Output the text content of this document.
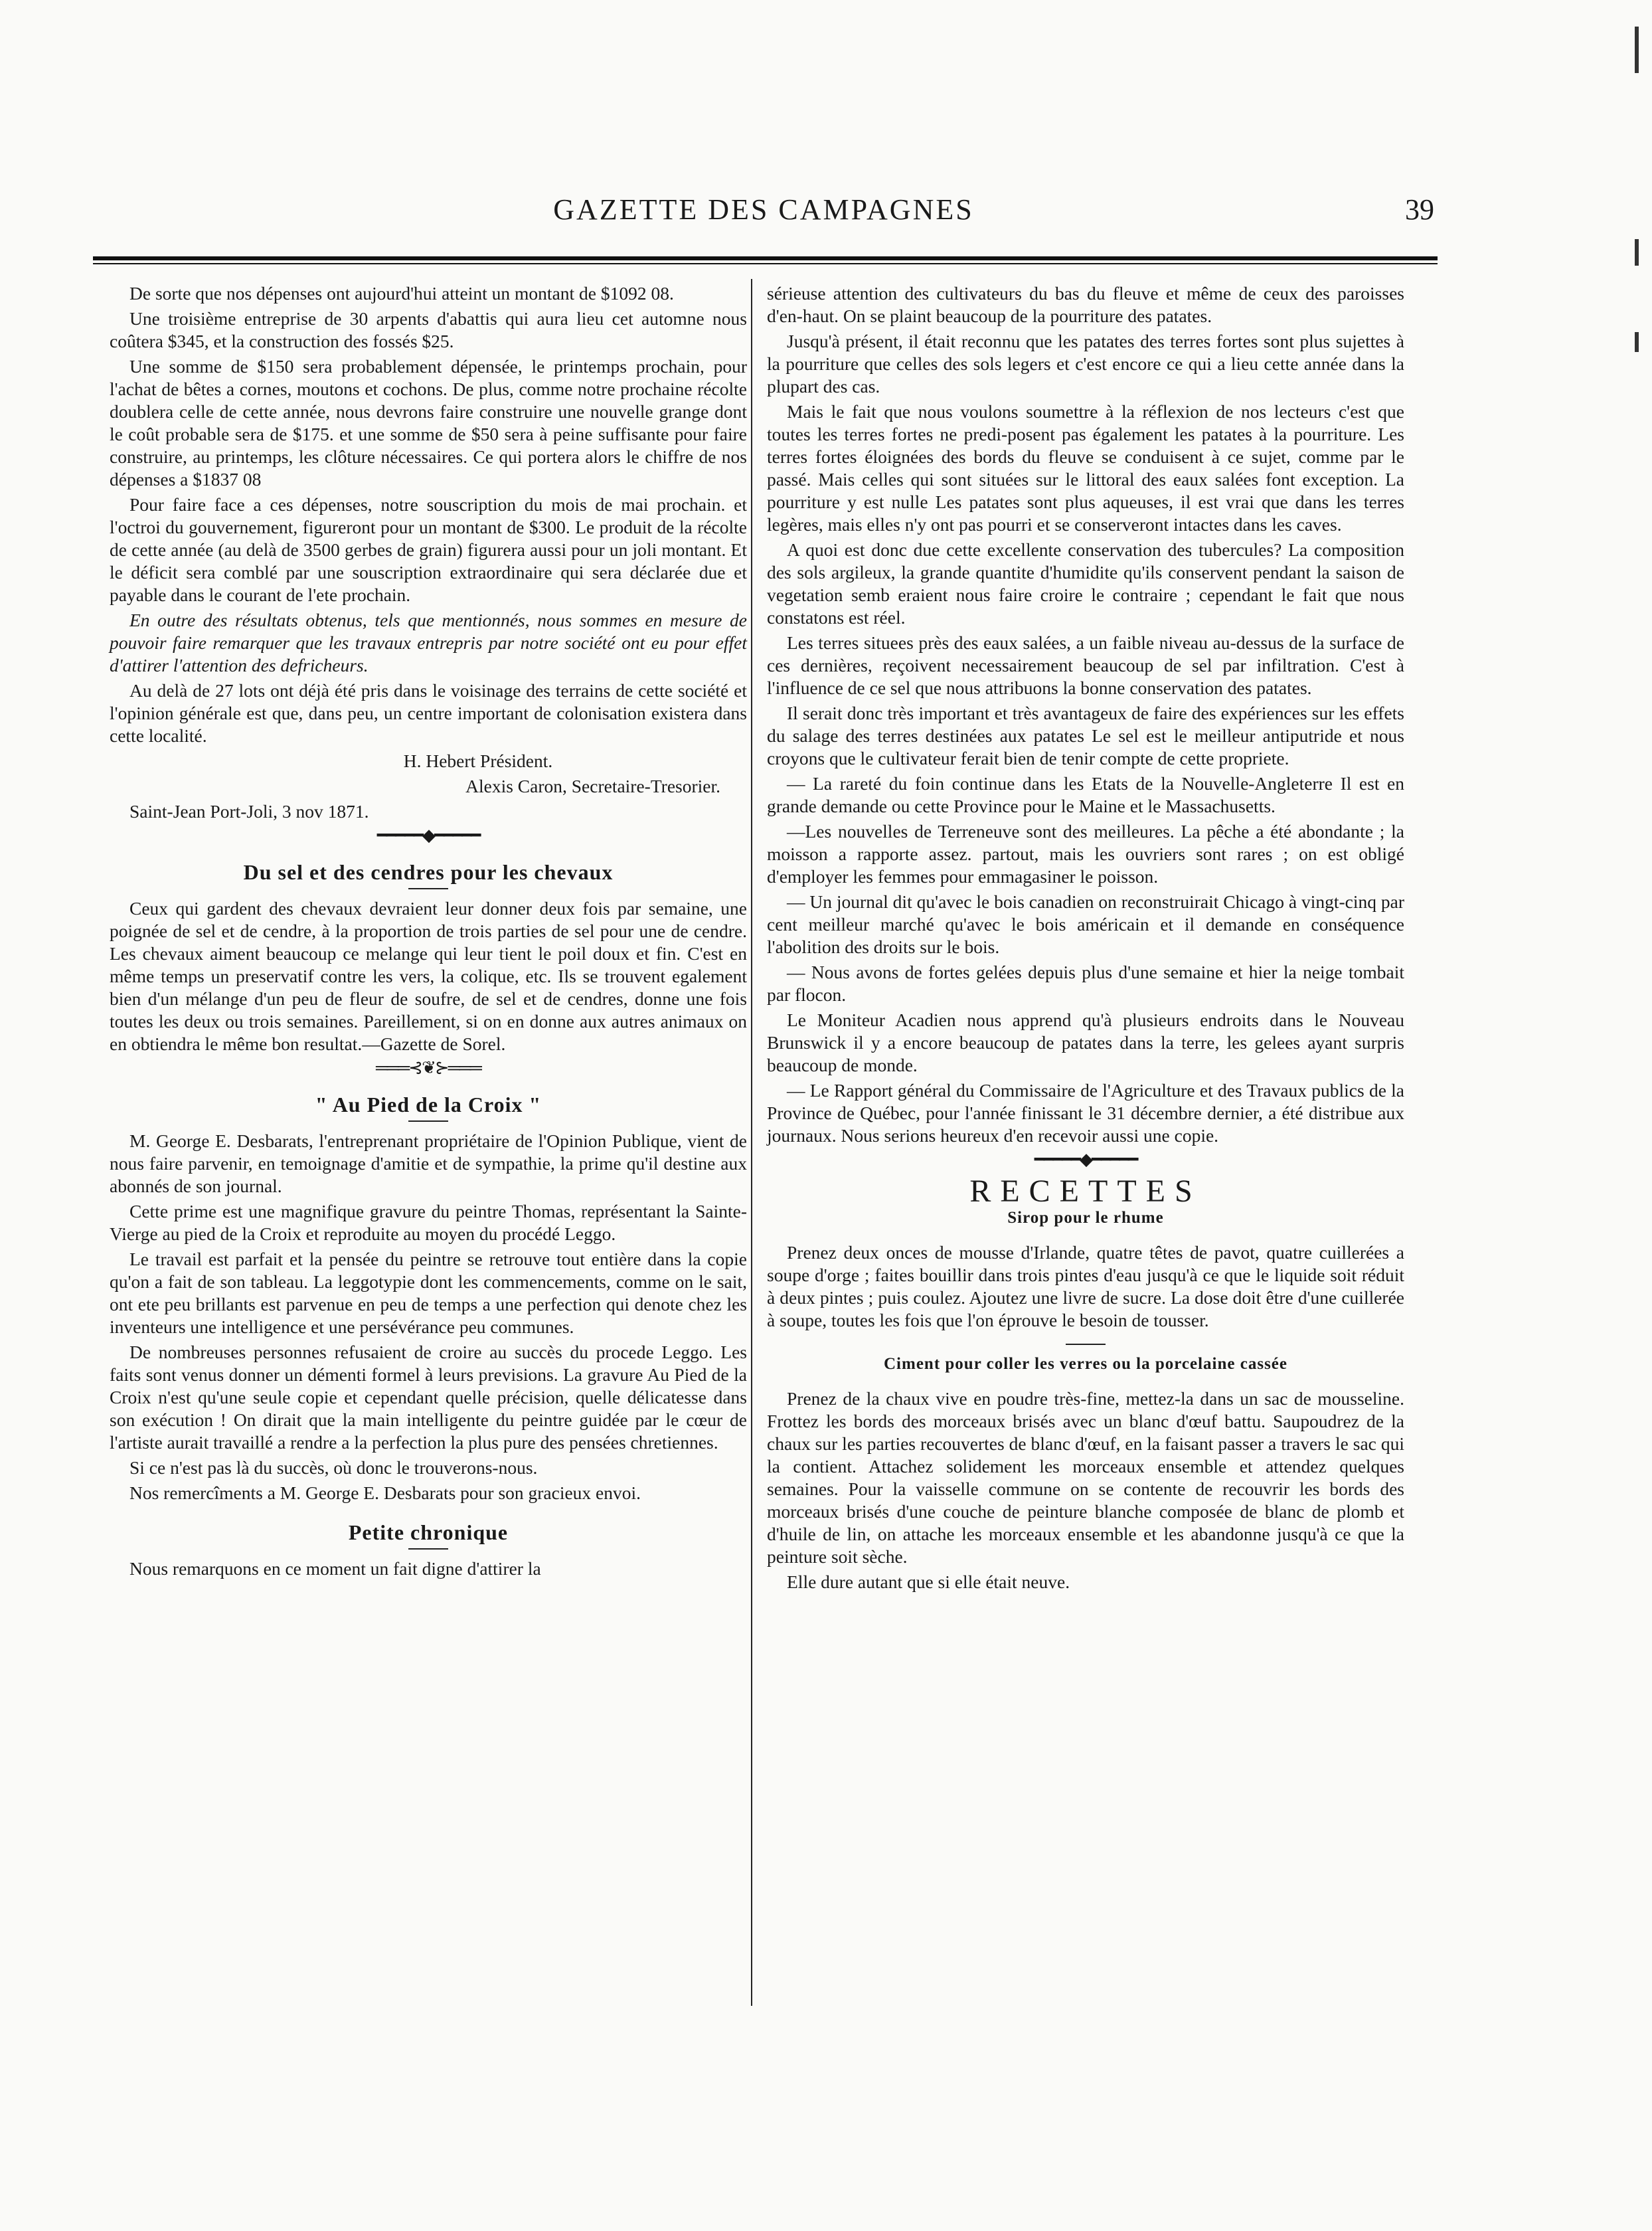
GAZETTE DES CAMPAGNES	39

De sorte que nos dépenses ont aujourd'hui atteint un montant de $1092 08.

Une troisième entreprise de 30 arpents d'abattis qui aura lieu cet automne nous coûtera $345, et la construction des fossés $25.

Une somme de $150 sera probablement dépensée, le printemps prochain, pour l'achat de bêtes a cornes, moutons et cochons. De plus, comme notre prochaine récolte doublera celle de cette année, nous devrons faire construire une nouvelle grange dont le coût probable sera de $175. et une somme de $50 sera à peine suffisante pour faire construire, au printemps, les clôture nécessaires. Ce qui portera alors le chiffre de nos dépenses a $1837 08

Pour faire face a ces dépenses, notre souscription du mois de mai prochain. et l'octroi du gouvernement, figureront pour un montant de $300. Le produit de la récolte de cette année (au delà de 3500 gerbes de grain) figurera aussi pour un joli montant. Et le déficit sera comblé par une souscription extraordinaire qui sera déclarée due et payable dans le courant de l'ete prochain.

En outre des résultats obtenus, tels que mentionnés, nous sommes en mesure de pouvoir faire remarquer que les travaux entrepris par notre société ont eu pour effet d'attirer l'attention des defricheurs.

Au delà de 27 lots ont déjà été pris dans le voisinage des terrains de cette société et l'opinion générale est que, dans peu, un centre important de colonisation existera dans cette localité.

H. Hebert Président.

Alexis Caron, Secretaire-Tresorier.

Saint-Jean Port-Joli, 3 nov 1871.

━━━━━◆━━━━━
Du sel et des cendres pour les chevaux

Ceux qui gardent des chevaux devraient leur donner deux fois par semaine, une poignée de sel et de cendre, à la proportion de trois parties de sel pour une de cendre. Les chevaux aiment beaucoup ce melange qui leur tient le poil doux et fin. C'est en même temps un preservatif contre les vers, la colique, etc. Ils se trouvent egalement bien d'un mélange d'un peu de fleur de soufre, de sel et de cendres, donne une fois toutes les deux ou trois semaines. Pareillement, si on en donne aux autres animaux on en obtiendra le même bon resultat.—Gazette de Sorel.

═══⊰❦⊱═══
" Au Pied de la Croix "

M. George E. Desbarats, l'entreprenant propriétaire de l'Opinion Publique, vient de nous faire parvenir, en temoignage d'amitie et de sympathie, la prime qu'il destine aux abonnés de son journal.

Cette prime est une magnifique gravure du peintre Thomas, représentant la Sainte-Vierge au pied de la Croix et reproduite au moyen du procédé Leggo.

Le travail est parfait et la pensée du peintre se retrouve tout entière dans la copie qu'on a fait de son tableau. La leggotypie dont les commencements, comme on le sait, ont ete peu brillants est parvenue en peu de temps a une perfection qui denote chez les inventeurs une intelligence et une persévérance peu communes.

De nombreuses personnes refusaient de croire au succès du procede Leggo. Les faits sont venus donner un démenti formel à leurs previsions. La gravure Au Pied de la Croix n'est qu'une seule copie et cependant quelle précision, quelle délicatesse dans son exécution ! On dirait que la main intelligente du peintre guidée par le cœur de l'artiste aurait travaillé a rendre a la perfection la plus pure des pensées chretiennes.

Si ce n'est pas là du succès, où donc le trouverons-nous.

Nos remercîments a M. George E. Desbarats pour son gracieux envoi.

Petite chronique

Nous remarquons en ce moment un fait digne d'attirer la

sérieuse attention des cultivateurs du bas du fleuve et même de ceux des paroisses d'en-haut. On se plaint beaucoup de la pourriture des patates.

Jusqu'à présent, il était reconnu que les patates des terres fortes sont plus sujettes à la pourriture que celles des sols legers et c'est encore ce qui a lieu cette année dans la plupart des cas.

Mais le fait que nous voulons soumettre à la réflexion de nos lecteurs c'est que toutes les terres fortes ne predi-posent pas également les patates à la pourriture. Les terres fortes éloignées des bords du fleuve se conduisent à ce sujet, comme par le passé. Mais celles qui sont situées sur le littoral des eaux salées font exception. La pourriture y est nulle Les patates sont plus aqueuses, il est vrai que dans les terres legères, mais elles n'y ont pas pourri et se conserveront intactes dans les caves.

A quoi est donc due cette excellente conservation des tubercules? La composition des sols argileux, la grande quantite d'humidite qu'ils conservent pendant la saison de vegetation semb eraient nous faire croire le contraire ; cependant le fait que nous constatons est réel.

Les terres situees près des eaux salées, a un faible niveau au-dessus de la surface de ces dernières, reçoivent necessairement beaucoup de sel par infiltration. C'est à l'influence de ce sel que nous attribuons la bonne conservation des patates.

Il serait donc très important et très avantageux de faire des expériences sur les effets du salage des terres destinées aux patates Le sel est le meilleur antiputride et nous croyons que le cultivateur ferait bien de tenir compte de cette propriete.

— La rareté du foin continue dans les Etats de la Nouvelle-Angleterre Il est en grande demande ou cette Province pour le Maine et le Massachusetts.

—Les nouvelles de Terreneuve sont des meilleures. La pêche a été abondante ; la moisson a rapporte assez. partout, mais les ouvriers sont rares ; on est obligé d'employer les femmes pour emmagasiner le poisson.

— Un journal dit qu'avec le bois canadien on reconstruirait Chicago à vingt-cinq par cent meilleur marché qu'avec le bois américain et il demande en conséquence l'abolition des droits sur le bois.

— Nous avons de fortes gelées depuis plus d'une semaine et hier la neige tombait par flocon.

Le Moniteur Acadien nous apprend qu'à plusieurs endroits dans le Nouveau Brunswick il y a encore beaucoup de patates dans la terre, les gelees ayant surpris beaucoup de monde.

— Le Rapport général du Commissaire de l'Agriculture et des Travaux publics de la Province de Québec, pour l'année finissant le 31 décembre dernier, a été distribue aux journaux. Nous serions heureux d'en recevoir aussi une copie.

━━━━━◆━━━━━
RECETTES
Sirop pour le rhume

Prenez deux onces de mousse d'Irlande, quatre têtes de pavot, quatre cuillerées a soupe d'orge ; faites bouillir dans trois pintes d'eau jusqu'à ce que le liquide soit réduit à deux pintes ; puis coulez. Ajoutez une livre de sucre. La dose doit être d'une cuillerée à soupe, toutes les fois que l'on éprouve le besoin de tousser.

Ciment pour coller les verres ou la porcelaine cassée

Prenez de la chaux vive en poudre très-fine, mettez-la dans un sac de mousseline. Frottez les bords des morceaux brisés avec un blanc d'œuf battu. Saupoudrez de la chaux sur les parties recouvertes de blanc d'œuf, en la faisant passer a travers le sac qui la contient. Attachez solidement les morceaux ensemble et attendez quelques semaines. Pour la vaisselle commune on se contente de recouvrir les bords des morceaux brisés d'une couche de peinture blanche composée de blanc de plomb et d'huile de lin, on attache les morceaux ensemble et les abandonne jusqu'à ce que la peinture soit sèche.

Elle dure autant que si elle était neuve.
